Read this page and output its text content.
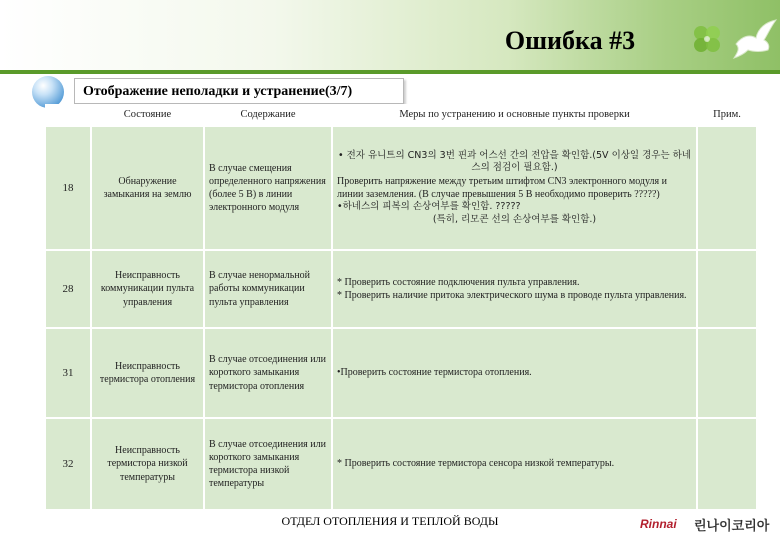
Ошибка #3
Отображение неполадки и устранение(3/7)
	Состояние	Содержание	Меры по устранению и основные пункты проверки	Прим.
18	Обнаружение замыкания на землю	В случае смещения определенного напряжения (более 5 В) в линии электронного модуля	• 전자 유니트의 CN3의 3번 핀과 어스선 간의 전압을 확인함.(5V 이상일 경우는 하네스의 점검이 필요함.)
Проверить напряжение между третьим штифтом CN3 электронного модуля и линии заземления. (В случае превышения 5 В необходимо проверить ?????)
•하네스의 피복의 손상여부를 확인함. ?????
(특히, 리모콘 선의 손상여부를 확인함.)	

28	Неисправность коммуникации пульта управления	В случае ненормальной работы коммуникации пульта управления	* Проверить состояние подключения пульта управления.
* Проверить наличие притока электрического шума в проводе пульта управления.	

31	Неисправность термистора отопления	В случае отсоединения или короткого замыкания термистора отопления	•Проверить состояние термистора отопления.	

32	Неисправность термистора низкой температуры	В случае отсоединения или короткого замыкания термистора низкой температуры	* Проверить состояние термистора сенсора низкой температуры.	

ОТДЕЛ ОТОПЛЕНИЯ И ТЕПЛОЙ ВОДЫ	Rinnai 린나이코리아
